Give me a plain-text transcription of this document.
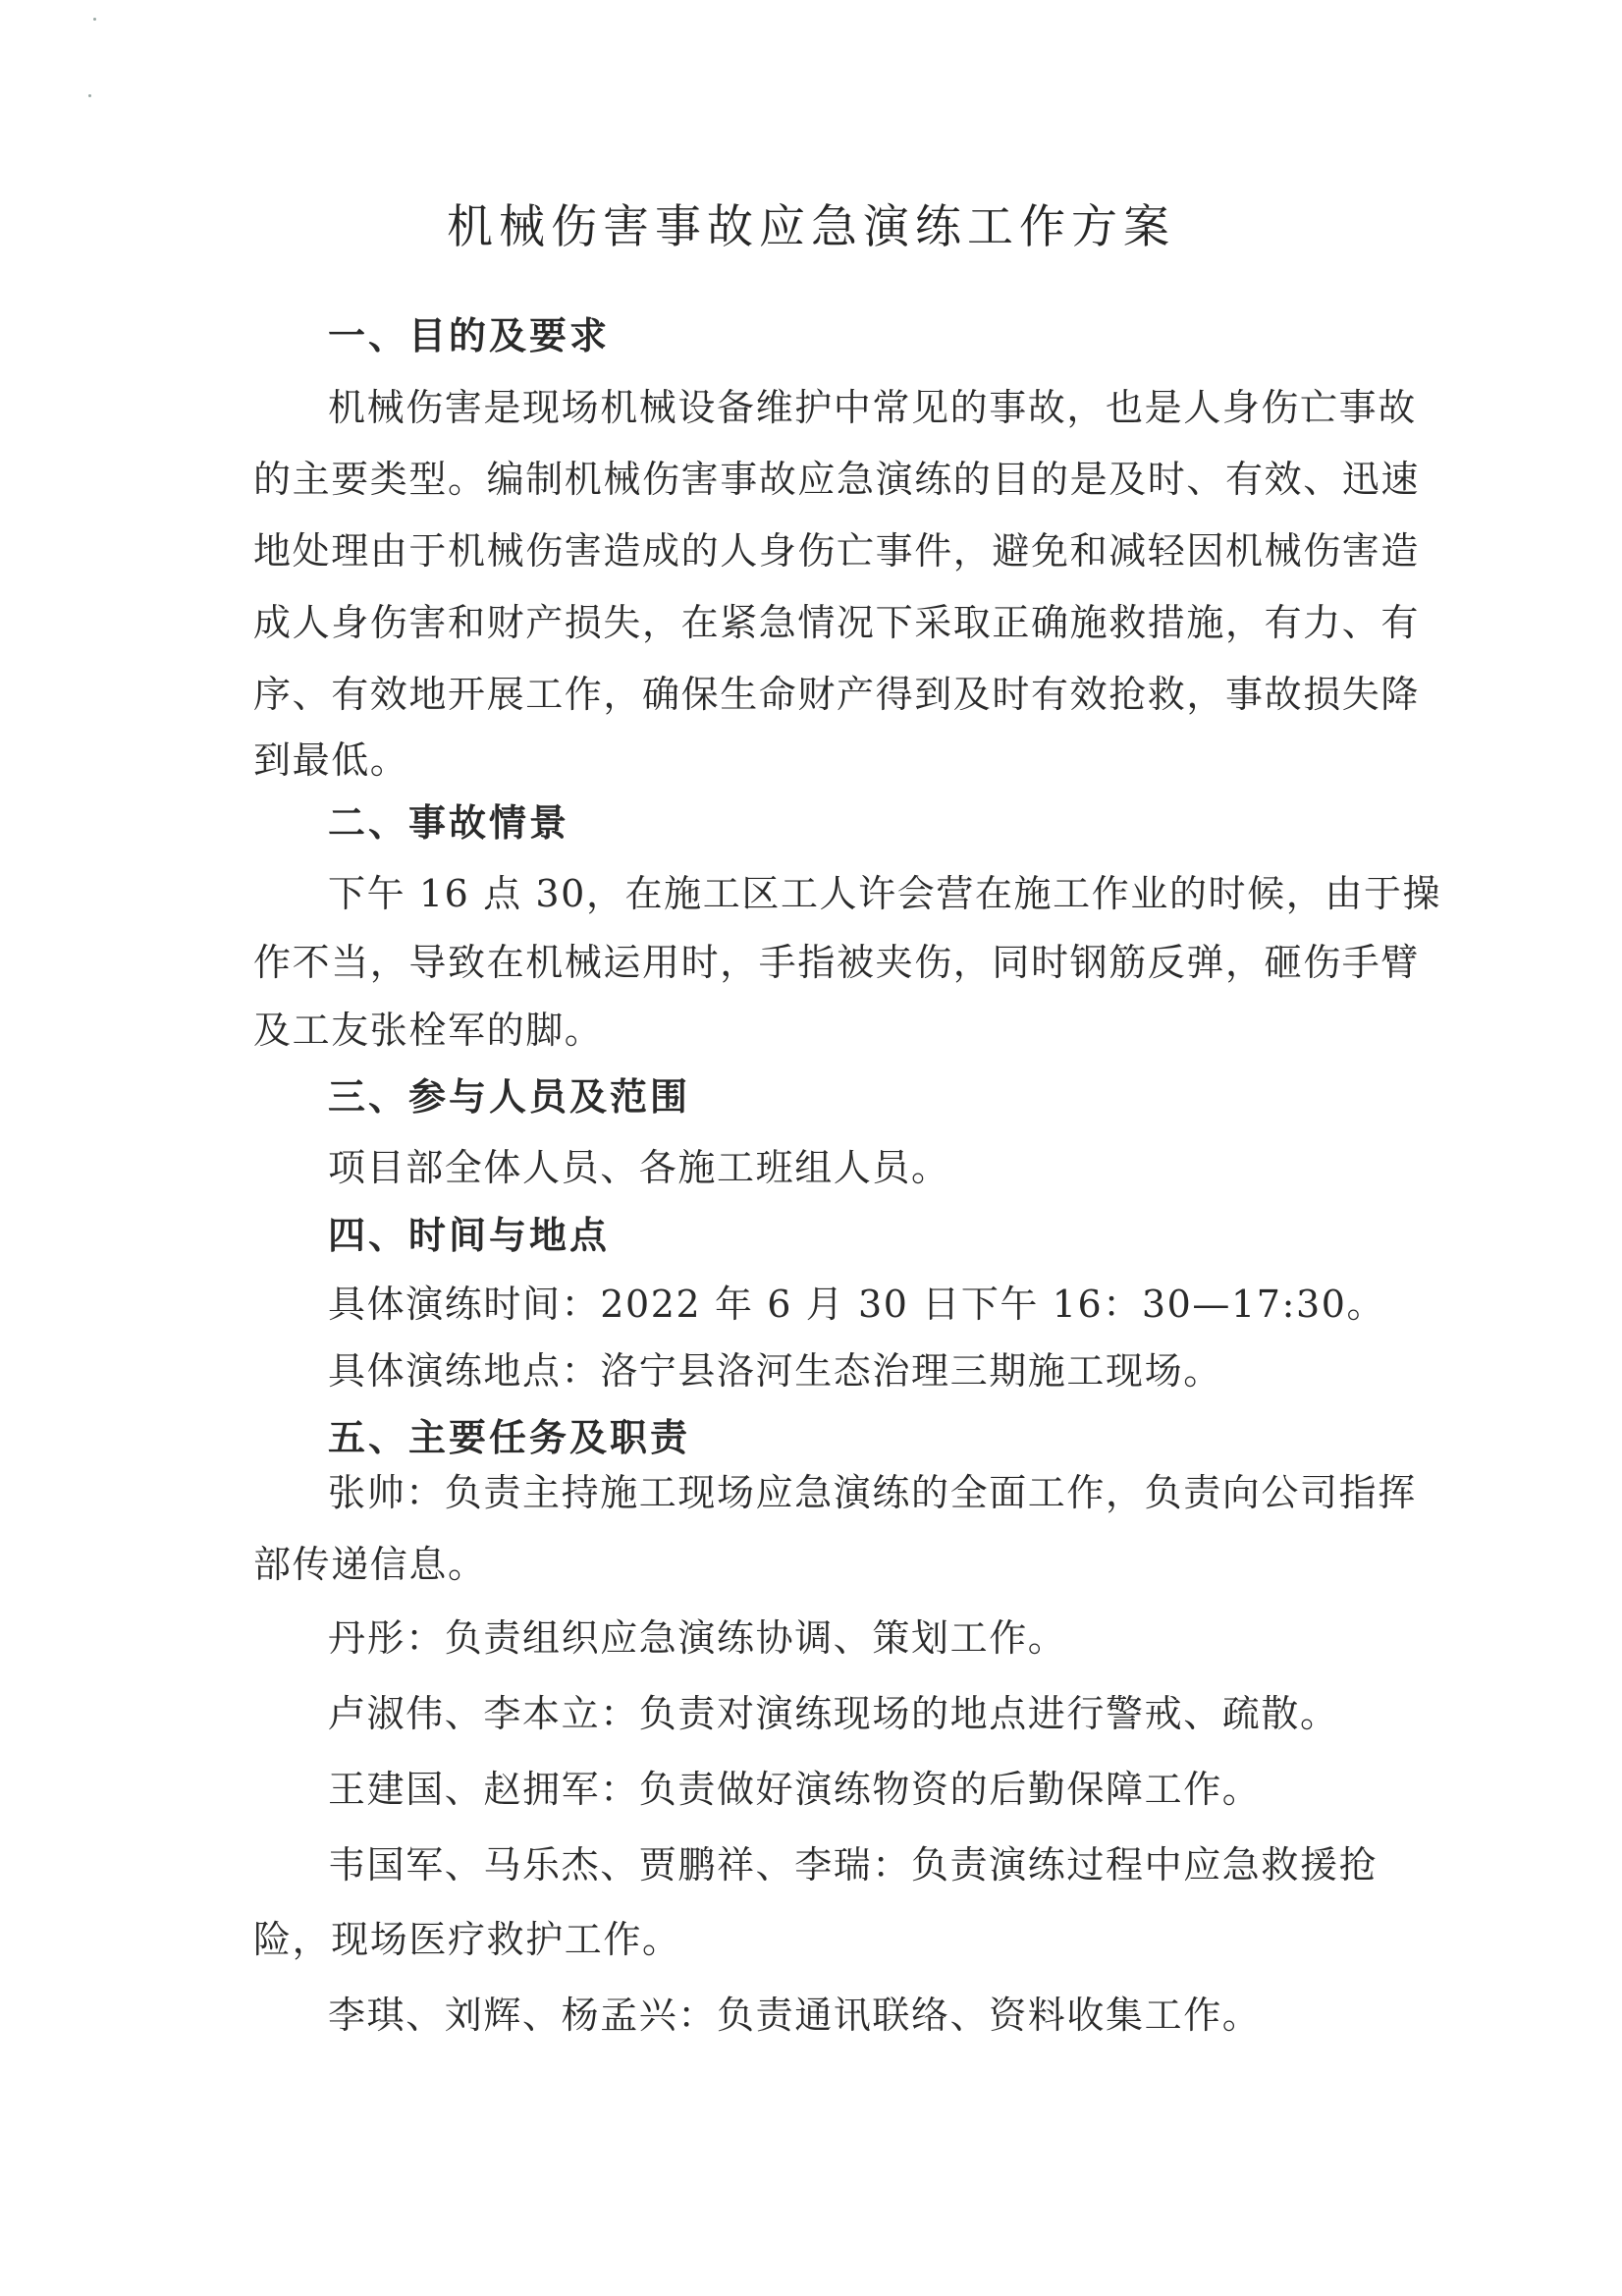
机械伤害事故应急演练工作方案
一、目的及要求
机械伤害是现场机械设备维护中常见的事故，也是人身伤亡事故
的主要类型。编制机械伤害事故应急演练的目的是及时、有效、迅速
地处理由于机械伤害造成的人身伤亡事件，避免和减轻因机械伤害造
成人身伤害和财产损失，在紧急情况下采取正确施救措施，有力、有
序、有效地开展工作，确保生命财产得到及时有效抢救，事故损失降
到最低。
二、事故情景
下午 16 点 30，在施工区工人许会营在施工作业的时候，由于操
作不当，导致在机械运用时，手指被夹伤，同时钢筋反弹，砸伤手臂
及工友张栓军的脚。
三、参与人员及范围
项目部全体人员、各施工班组人员。
四、时间与地点
具体演练时间：2022 年 6 月 30 日下午 16：30—17:30。
具体演练地点：洛宁县洛河生态治理三期施工现场。
五、主要任务及职责
张帅：负责主持施工现场应急演练的全面工作，负责向公司指挥
部传递信息。
丹彤：负责组织应急演练协调、策划工作。
卢淑伟、李本立：负责对演练现场的地点进行警戒、疏散。
王建国、赵拥军：负责做好演练物资的后勤保障工作。
韦国军、马乐杰、贾鹏祥、李瑞：负责演练过程中应急救援抢
险，现场医疗救护工作。
李琪、刘辉、杨孟兴：负责通讯联络、资料收集工作。
